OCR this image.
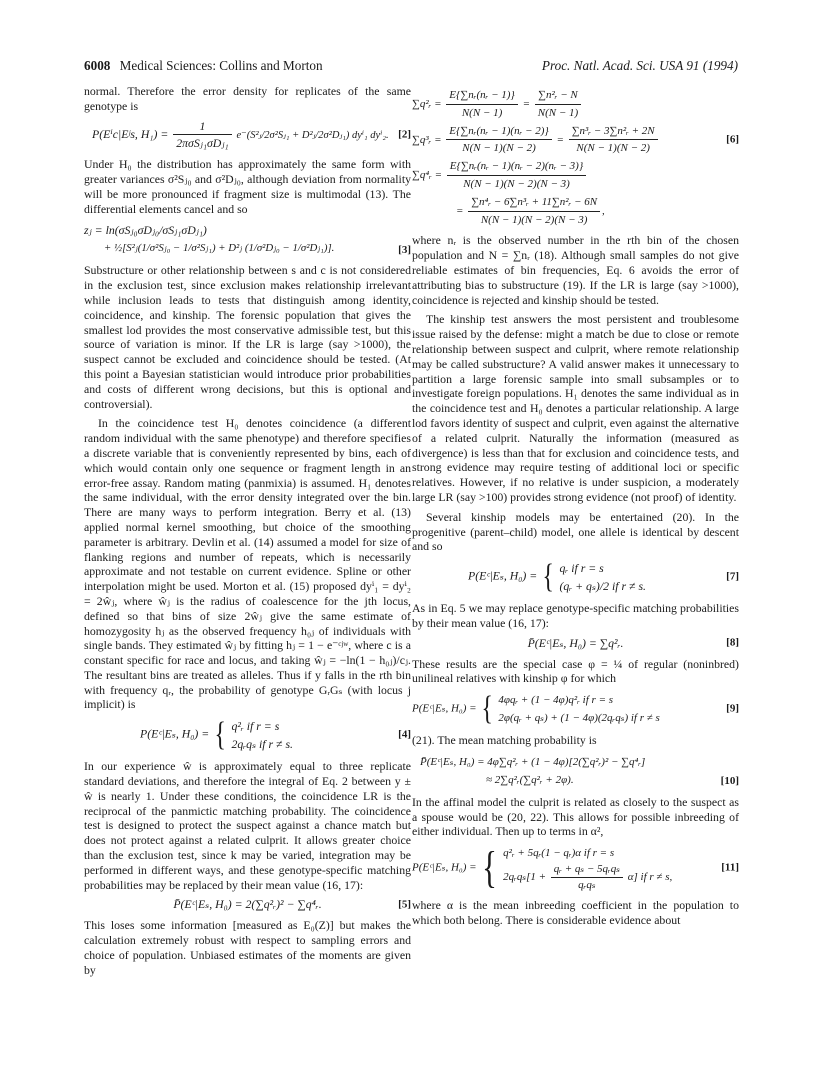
6008 Medical Sciences: Collins and Morton	Proc. Natl. Acad. Sci. USA 91 (1994)

normal. Therefore the error density for replicates of the same genotype is

P(Eⁱc|Eʲs, $H_1) = \frac{1}{\text{2πσSⱼ₁σDⱼ₁}}$ e⁻(S²ⱼ/2σ²Sⱼ₁ + D²ⱼ/2σ²Dⱼ₁) dyⁱ₁ dyⁱ₂. [2]

Under H₀ the distribution has approximately the same form with greater variances σ²Sⱼ₀ and σ²Dⱼ₀, although deviation from normality will be more pronounced if fragment size is multimodal (13). The differential elements cancel and so

zⱼ = ln(σSⱼ₀σDⱼ₀/σSⱼ₁σDⱼ₁)
+ ½[S²ⱼ(1/σ²Sⱼ₀ − 1/σ²Sⱼ₁) + D²ⱼ (1/σ²Dⱼ₀ − 1/σ²Dⱼ₁)].	[3]

Substructure or other relationship between s and c is not considered in the exclusion test, since exclusion makes relationship irrelevant while inclusion leads to tests that distinguish among identity, coincidence, and kinship. The forensic population that gives the smallest lod provides the most conservative admissible test, but this source of variation is minor. If the LR is large (say >1000), the suspect cannot be excluded and coincidence should be tested. (At this point a Bayesian statistician would introduce prior probabilities and costs of different wrong decisions, but this is optional and controversial).

In the coincidence test H₀ denotes coincidence (a different random individual with the same phenotype) and therefore specifies a discrete variable that is conveniently represented by bins, each of which would contain only one sequence or fragment length in an error-free assay. Random mating (panmixia) is assumed. H₁ denotes the same individual, with the error density integrated over the bin. There are many ways to perform integration. Berry et al. (13) applied normal kernel smoothing, but choice of the smoothing parameter is arbitrary. Devlin et al. (14) assumed a model for size of flanking regions and number of repeats, which is necessarily approximate and not testable on current evidence. Spline or other interpolation might be used. Morton et al. (15) proposed dyⁱ₁ = dyⁱ₂ = 2ŵⱼ, where ŵⱼ is the radius of coalescence for the jth locus, defined so that bins of size 2ŵⱼ give the same estimate of homozygosity hⱼ as the observed frequency h₀ⱼ of individuals with single bands. They estimated ŵⱼ by fitting hⱼ = 1 − e⁻ᶜʲʷ, where c is a constant specific for race and locus, and taking ŵⱼ = −ln(1 − h₀ⱼ)/cⱼ. The resultant bins are treated as alleles. Thus if y falls in the rth bin with frequency qᵣ, the probability of genotype GᵣGₛ (with locus j implicit) is

P(Eᶜ|Eₛ, H₀) = { q²ᵣ if r = s
2qᵣqₛ if r ≠ s.
[4]

In our experience ŵ is approximately equal to three replicate standard deviations, and therefore the integral of Eq. 2 between y ± ŵ is nearly 1. Under these conditions, the coincidence LR is the reciprocal of the panmictic matching probability. The coincidence test is designed to protect the suspect against a chance match but does not protect against a related culprit. It allows greater choice than the exclusion test, since k may be varied, integration may be performed in different ways, and these genotype-specific matching probabilities may be replaced by their mean value (16, 17):

P̄(Eᶜ|Eₛ, H₀) = 2(∑q²ᵣ)² − ∑q⁴ᵣ.	[5]

This loses some information [measured as E₀(Z)] but makes the calculation extremely robust with respect to sampling errors and choice of population. Unbiased estimates of the moments are given by

∑q²ᵣ = $\frac{\text{E\{∑nᵣ(nᵣ − 1)\}}}{N(N - 1)} = \frac{\text{∑n²ᵣ − N}}{N(N - 1)}$
∑q³ᵣ = $\frac{\text{E\{∑nᵣ(nᵣ − 1)(nᵣ − 2)\}}}{N(N - 1)(N - 2)} = \frac{\text{∑n³ᵣ − 3∑n²ᵣ + 2N}}{N(N - 1)(N - 2)}$	[6]
∑q⁴ᵣ = $\frac{\text{E\{∑nᵣ(nᵣ − 1)(nᵣ − 2)(nᵣ − 3)\}}}{N(N - 1)(N - 2)(N - 3)}$
= $\frac{\text{∑n⁴ᵣ − 6∑n³ᵣ + 11∑n²ᵣ − 6N}}{N(N - 1)(N - 2)(N - 3)}$ ,

where nᵣ is the observed number in the rth bin of the chosen population and N = ∑nᵣ (18). Although small samples do not give reliable estimates of bin frequencies, Eq. 6 avoids the error of attributing bias to substructure (19). If the LR is large (say >1000), coincidence is rejected and kinship should be tested.

The kinship test answers the most persistent and troublesome issue raised by the defense: might a match be due to close or remote relationship between suspect and culprit, where remote relationship may be called substructure? A valid answer makes it unnecessary to partition a large forensic sample into small subsamples or to investigate foreign populations. H₁ denotes the same individual as in the coincidence test and H₀ denotes a particular relationship. A large lod favors identity of suspect and culprit, even against the alternative of a related culprit. Naturally the information (measured as divergence) is less than that for exclusion and coincidence tests, and strong evidence may require testing of additional loci or specific relatives. However, if no relative is under suspicion, a moderately large LR (say >100) provides strong evidence (not proof) of identity.

Several kinship models may be entertained (20). In the progenitive (parent–child) model, one allele is identical by descent and so

P(Eᶜ|Eₛ, H₀) = { qᵣ if r = s
(qᵣ + qₛ)/2 if r ≠ s.
[7]

As in Eq. 5 we may replace genotype-specific matching probabilities by their mean value (16, 17):

P̄(Eᶜ|Eₛ, H₀) = ∑q²ᵣ.	[8]

These results are the special case φ = ¼ of regular (noninbred) unilineal relatives with kinship φ for which

P(Eᶜ|Eₛ, H₀) = { 4φqᵣ + (1 − 4φ)q²ᵣ if r = s
2φ(qᵣ + qₛ) + (1 − 4φ)(2qᵣqₛ) if r ≠ s
[9]

(21). The mean matching probability is

P̄(Eᶜ|Eₛ, H₀) = 4φ∑q²ᵣ + (1 − 4φ)[2(∑q²ᵣ)² − ∑q⁴ᵣ]
≈ 2∑q²ᵣ(∑q²ᵣ + 2φ).	[10]

In the affinal model the culprit is related as closely to the suspect as a spouse would be (20, 22). This allows for possible inbreeding of either individual. Then up to terms in α²,

P(Eᶜ|Eₛ, H₀) = { q²ᵣ + 5qᵣ(1 − qᵣ)α if r = s
2qᵣqₛ[1 + $\frac{\text{qᵣ + qₛ − 5qᵣqₛ}}{\text{qᵣqₛ}} \alpha$] if r ≠ s,
[11]

where α is the mean inbreeding coefficient in the population to which both belong. There is considerable evidence about
